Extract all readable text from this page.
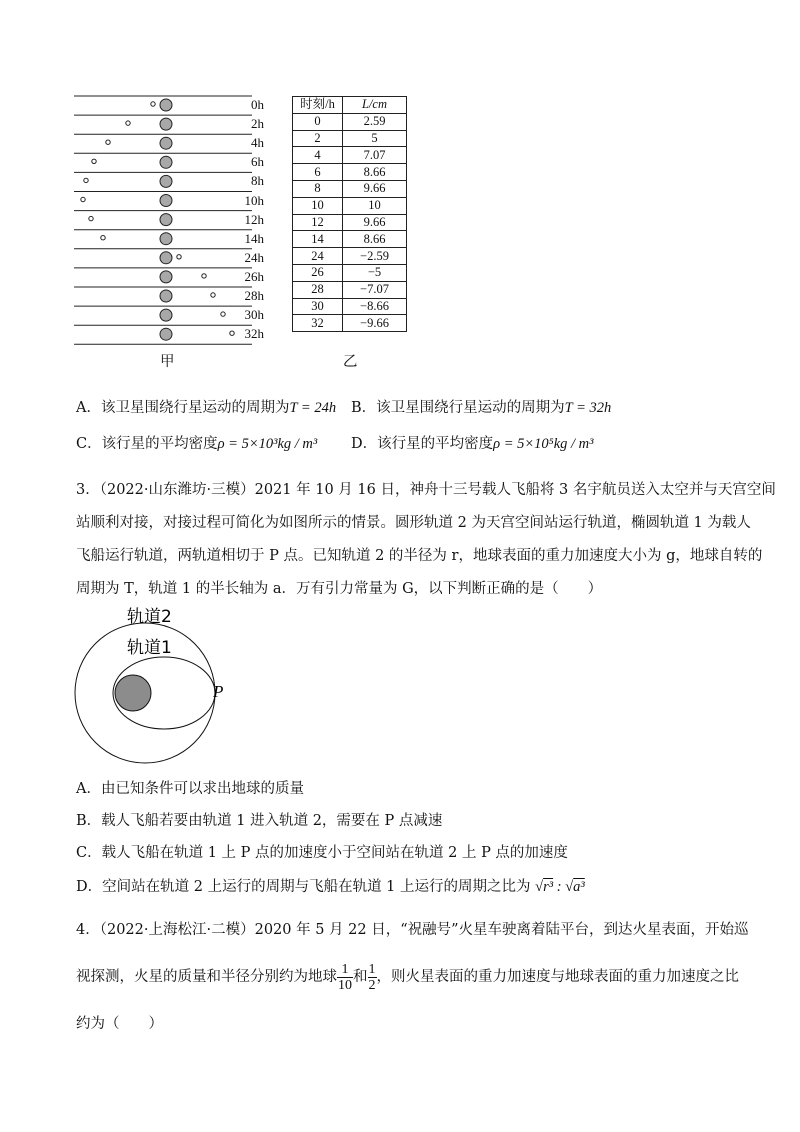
0h
2h
4h
6h
8h
10h
12h
14h
24h
26h
28h
30h
32h
甲
时刻/h	L/cm
0	2.59
2	5
4	7.07
6	8.66
8	9.66
10	10
12	9.66
14	8.66
24	−2.59
26	−5
28	−7.07
30	−8.66
32	−9.66
乙
A．该卫星围绕行星运动的周期为T = 24h B．该卫星围绕行星运动的周期为T = 32h
C．该行星的平均密度ρ = 5×10³kg / m³ D．该行星的平均密度ρ = 5×10⁵kg / m³
3．（2022·山东潍坊·三模）2021 年 10 月 16 日，神舟十三号载人飞船将 3 名宇航员送入太空并与天宫空间
站顺利对接，对接过程可简化为如图所示的情景。圆形轨道 2 为天宫空间站运行轨道，椭圆轨道 1 为载人
飞船运行轨道，两轨道相切于 P 点。已知轨道 2 的半径为 r，地球表面的重力加速度大小为 g，地球自转的
周期为 T，轨道 1 的半长轴为 a．万有引力常量为 G，以下判断正确的是（　　）
轨道2
轨道1
P
A．由已知条件可以求出地球的质量
B．载人飞船若要由轨道 1 进入轨道 2，需要在 P 点减速
C．载人飞船在轨道 1 上 P 点的加速度小于空间站在轨道 2 上 P 点的加速度
D．空间站在轨道 2 上运行的周期与飞船在轨道 1 上运行的周期之比为 √r³ : √a³
4．（2022·上海松江·二模）2020 年 5 月 22 日，“祝融号”火星车驶离着陆平台，到达火星表面，开始巡
视探测，火星的质量和半径分别约为地球 $\frac{1}{10}$ 和 $\frac{1}{2}$ ，则火星表面的重力加速度与地球表面的重力加速度之比
约为（　　）
